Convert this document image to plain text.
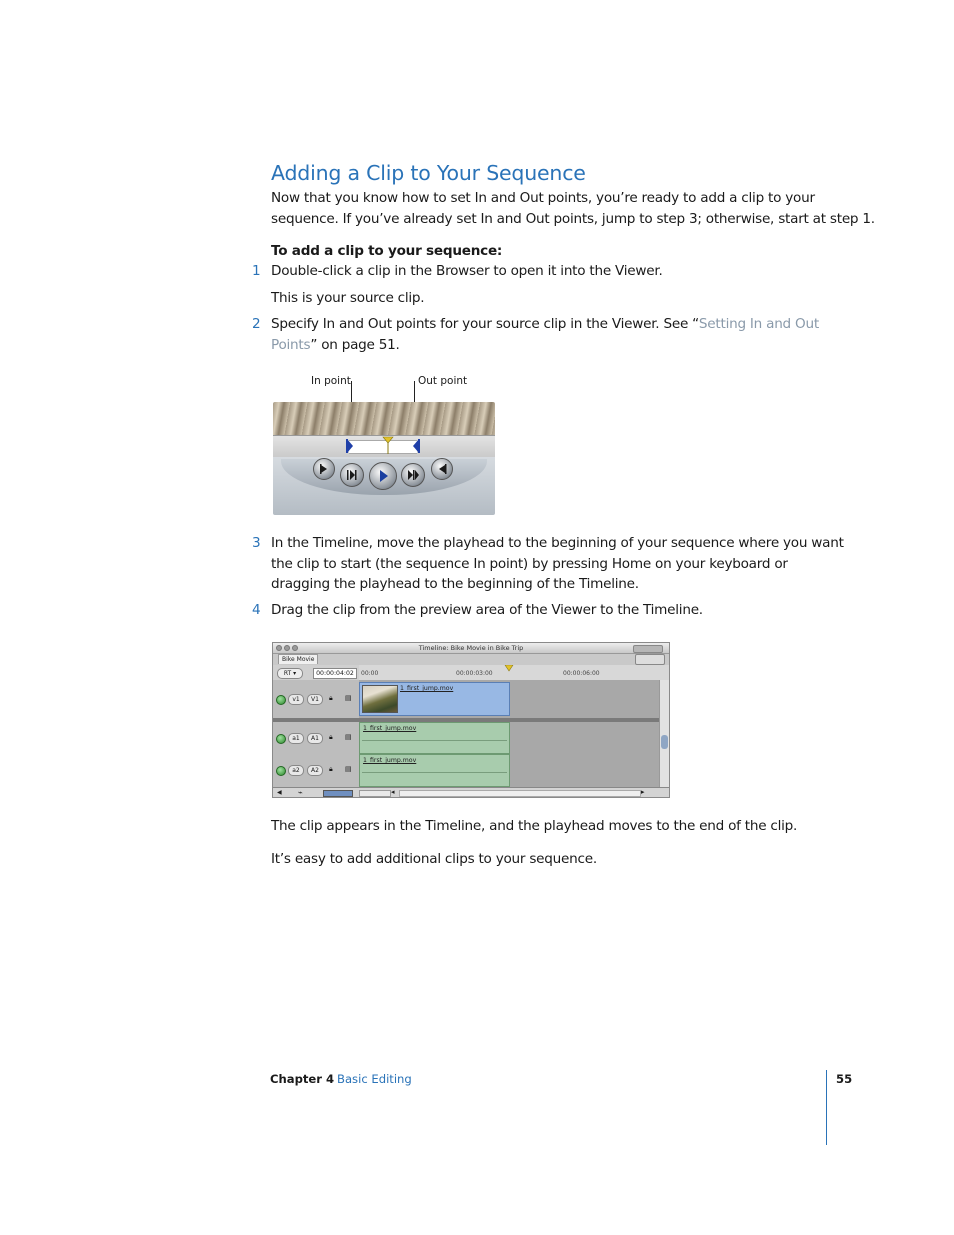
Adding a Clip to Your Sequence
Now that you know how to set In and Out points, you’re ready to add a clip to your
sequence. If you’ve already set In and Out points, jump to step 3; otherwise, start at step 1.
To add a clip to your sequence:
1 Double-click a clip in the Browser to open it into the Viewer.
This is your source clip.
2 Specify In and Out points for your source clip in the Viewer. See “Setting In and Out
Points” on page 51.
In point	Out point
3 In the Timeline, move the playhead to the beginning of your sequence where you want
the clip to start (the sequence In point) by pressing Home on your keyboard or
dragging the playhead to the beginning of the Timeline.
4 Drag the clip from the preview area of the Viewer to the Timeline.
Timeline: Bike Movie in Bike Trip
Bike Movie
RT ▾	00:00:04:02	00:00	00:00:03:00	00:00:06:00
v1	V1	🔒︎ ▤
1_first_jump.mov
a1	A1	🔒︎ ▤
1_first_jump.mov
a2	A2	🔒︎ ▤
1_first_jump.mov
◀ ⌁	◂	▸
The clip appears in the Timeline, and the playhead moves to the end of the clip.
It’s easy to add additional clips to your sequence.
Chapter 4 Basic Editing	55
